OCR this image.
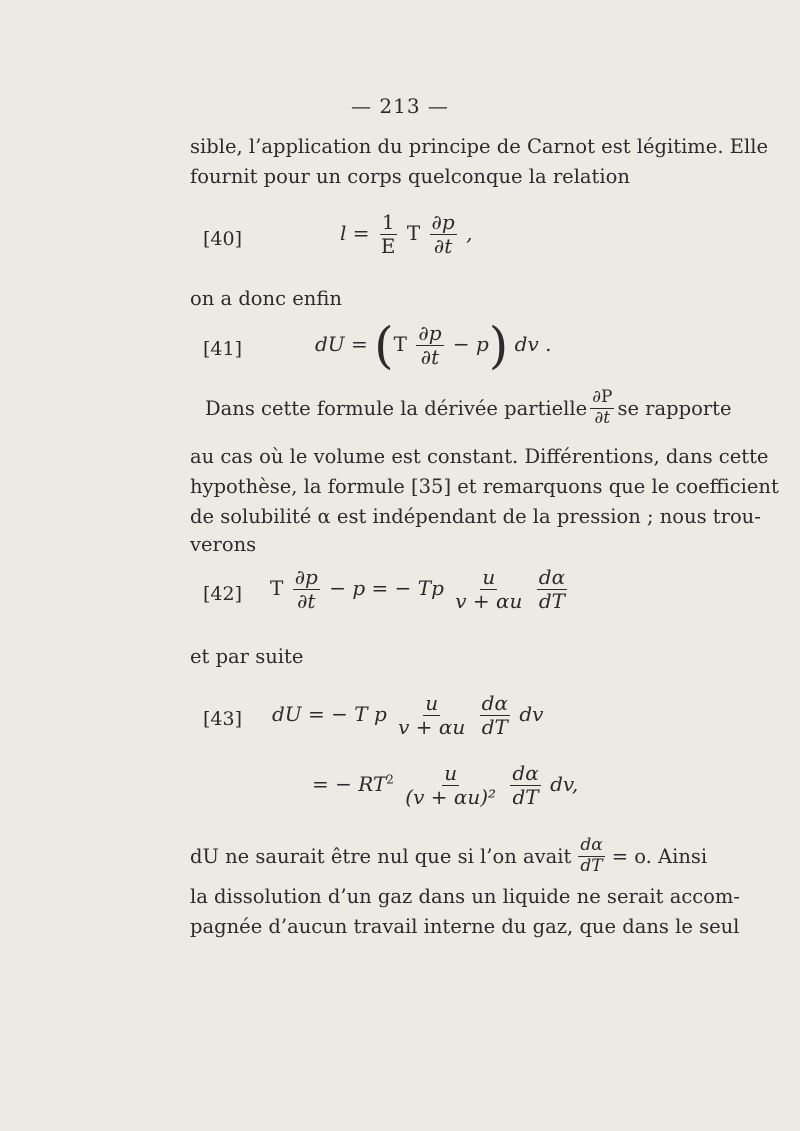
— 213 —
sible, l’application du principe de Carnot est légitime. Elle
fournit pour un corps quelconque la relation
[40]	$l = \frac{1}{E}$ T $\frac{\partial p}{\partial t}$ ,
on a donc enfin
[41]	dU = $(T \frac{\partial p}{\partial t} - p)$ dv .
Dans cette formule la dérivée partielle $\frac{\partial P}{\partial t}$ se rapporte
au cas où le volume est constant. Différentions, dans cette
hypothèse, la formule [35] et remarquons que le coefficient
de solubilité α est indépendant de la pression ; nous trou-
verons
[42] T $\frac{\partial p}{\partial t} - p$ = − Tp $\frac{u}{v + \alpha u}$
$\frac{d\alpha}{dT}$
et par suite
[43] dU = − T p $\frac{u}{v + \alpha u}$
$\frac{d\alpha}{dT}$ dv
= − $RT^2 \frac{u}{\text{(v + αu)²}}$
$\frac{d\alpha}{dT}$ dv,
dU ne saurait être nul que si l’on avait $\frac{d\alpha}{dT} = o$. Ainsi
la dissolution d’un gaz dans un liquide ne serait accom-
pagnée d’aucun travail interne du gaz, que dans le seul
